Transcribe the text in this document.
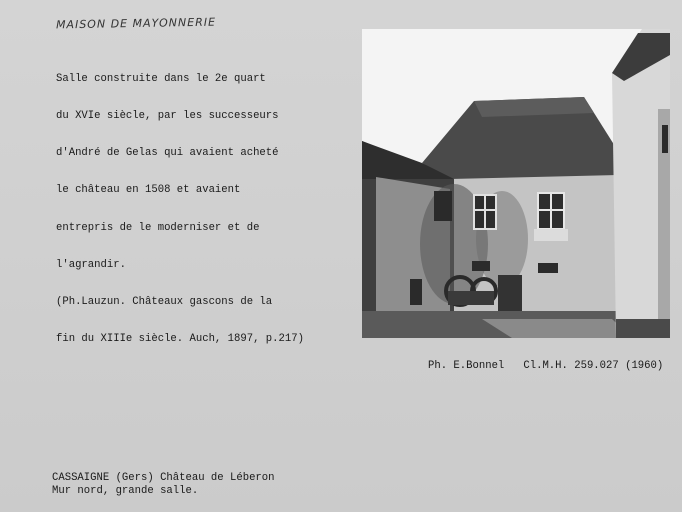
MAISON DE MAYONNERIE

Salle construite dans le 2e quart

du XVIe siècle, par les successeurs

d'André de Gelas qui avaient acheté

le château en 1508 et avaient

entrepris de le moderniser et de

l'agrandir.

(Ph.Lauzun. Châteaux gascons de la

fin du XIIIe siècle. Auch, 1897, p.217)

Ph. E.Bonnel Cl.M.H. 259.027 (1960)
CASSAIGNE (Gers) Château de Léberon
Mur nord, grande salle.
